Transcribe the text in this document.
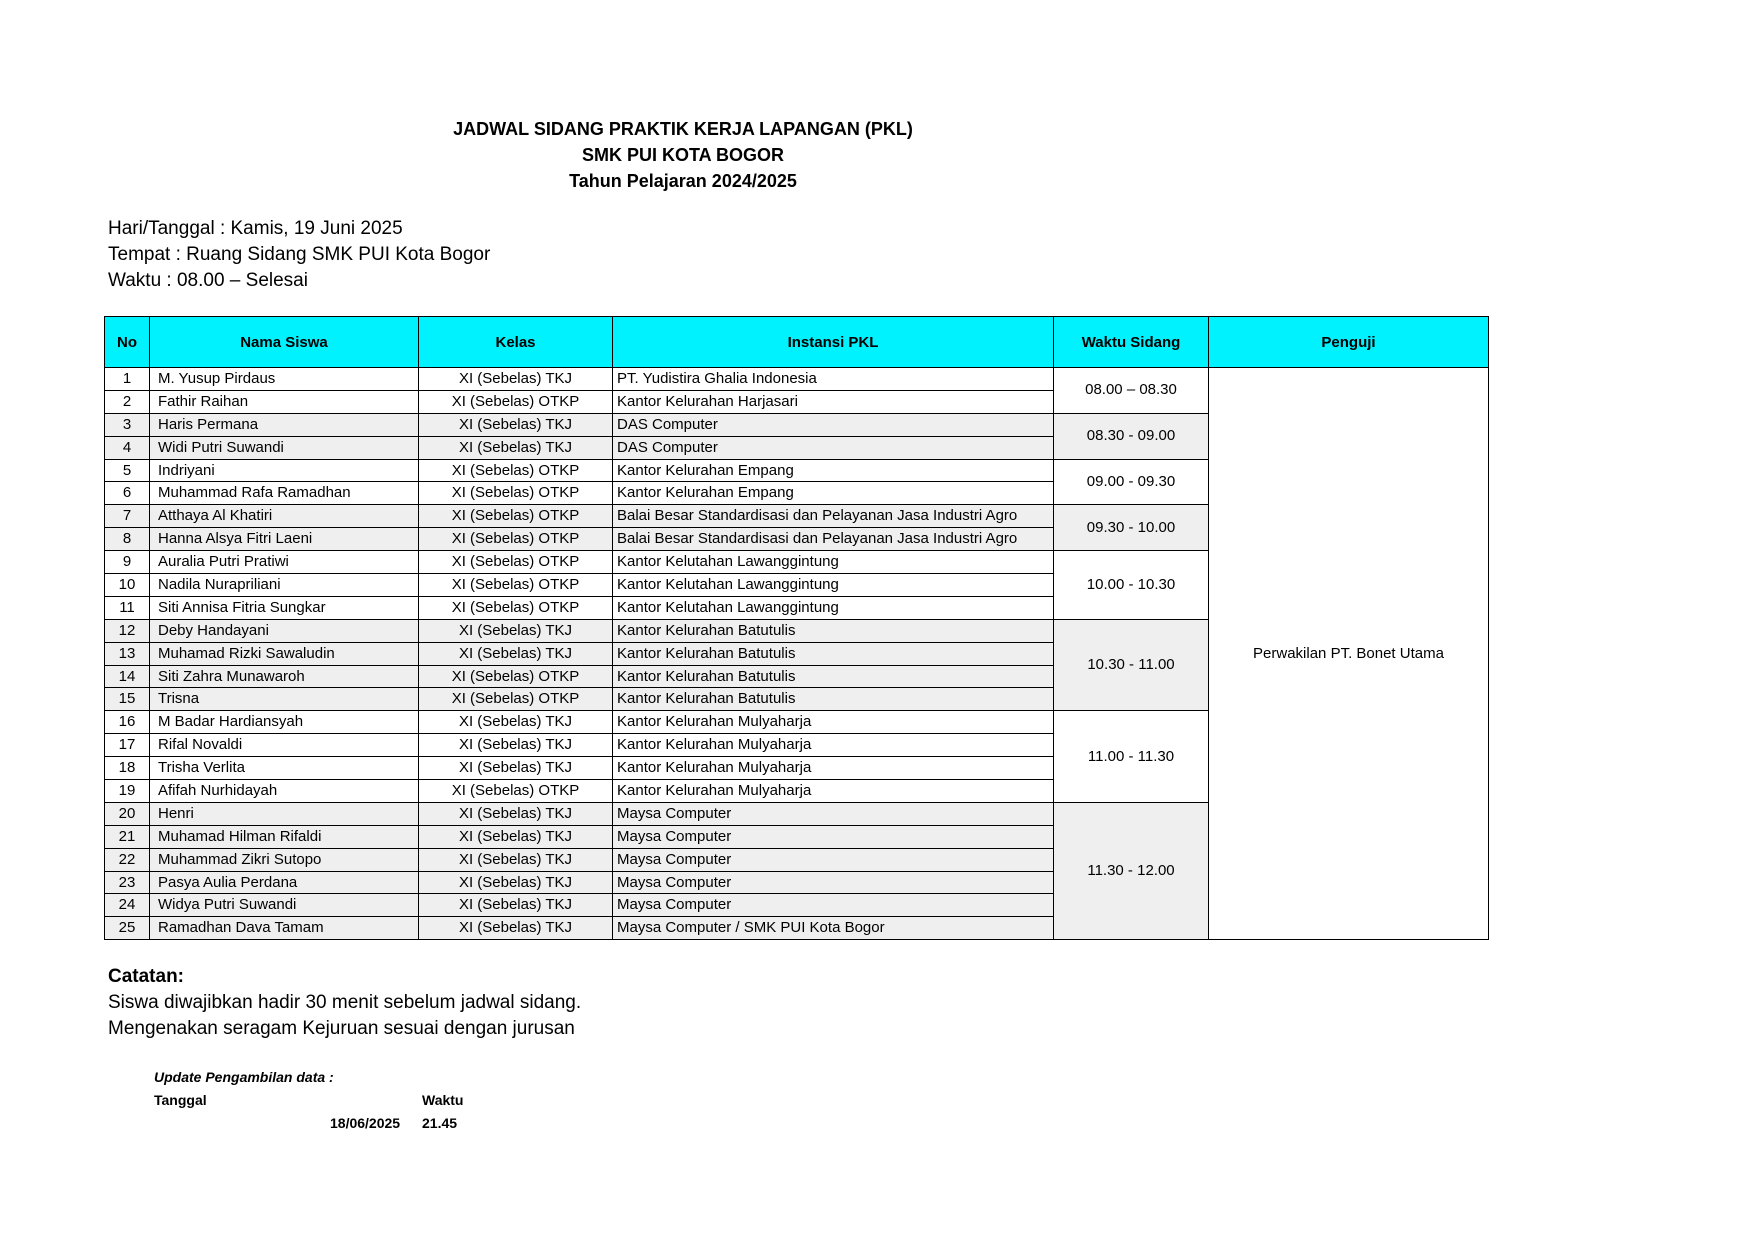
JADWAL SIDANG PRAKTIK KERJA LAPANGAN (PKL)
SMK PUI KOTA BOGOR
Tahun Pelajaran 2024/2025
Hari/Tanggal : Kamis, 19 Juni 2025
Tempat : Ruang Sidang SMK PUI Kota Bogor
Waktu : 08.00 – Selesai
No	Nama Siswa	Kelas	Instansi PKL	Waktu Sidang	Penguji
1	M. Yusup Pirdaus	XI (Sebelas) TKJ	PT. Yudistira Ghalia Indonesia	08.00 – 08.30	Perwakilan PT. Bonet Utama
2	Fathir Raihan	XI (Sebelas) OTKP	Kantor Kelurahan Harjasari		
3	Haris Permana	XI (Sebelas) TKJ	DAS Computer	08.30 - 09.00	
4	Widi Putri Suwandi	XI (Sebelas) TKJ	DAS Computer		
5	Indriyani	XI (Sebelas) OTKP	Kantor Kelurahan Empang	09.00 - 09.30	
6	Muhammad Rafa Ramadhan	XI (Sebelas) OTKP	Kantor Kelurahan Empang		
7	Atthaya Al Khatiri	XI (Sebelas) OTKP	Balai Besar Standardisasi dan Pelayanan Jasa Industri Agro	09.30 - 10.00	
8	Hanna Alsya Fitri Laeni	XI (Sebelas) OTKP	Balai Besar Standardisasi dan Pelayanan Jasa Industri Agro		
9	Auralia Putri Pratiwi	XI (Sebelas) OTKP	Kantor Kelutahan Lawanggintung	10.00 - 10.30	
10	Nadila Nurapriliani	XI (Sebelas) OTKP	Kantor Kelutahan Lawanggintung		
11	Siti Annisa Fitria Sungkar	XI (Sebelas) OTKP	Kantor Kelutahan Lawanggintung		
12	Deby Handayani	XI (Sebelas) TKJ	Kantor Kelurahan Batutulis	10.30 - 11.00	
13	Muhamad Rizki Sawaludin	XI (Sebelas) TKJ	Kantor Kelurahan Batutulis		
14	Siti Zahra Munawaroh	XI (Sebelas) OTKP	Kantor Kelurahan Batutulis		
15	Trisna	XI (Sebelas) OTKP	Kantor Kelurahan Batutulis		
16	M Badar Hardiansyah	XI (Sebelas) TKJ	Kantor Kelurahan Mulyaharja	11.00 - 11.30	
17	Rifal Novaldi	XI (Sebelas) TKJ	Kantor Kelurahan Mulyaharja		
18	Trisha Verlita	XI (Sebelas) TKJ	Kantor Kelurahan Mulyaharja		
19	Afifah Nurhidayah	XI (Sebelas) OTKP	Kantor Kelurahan Mulyaharja		
20	Henri	XI (Sebelas) TKJ	Maysa Computer	11.30 - 12.00	
21	Muhamad Hilman Rifaldi	XI (Sebelas) TKJ	Maysa Computer		
22	Muhammad Zikri Sutopo	XI (Sebelas) TKJ	Maysa Computer		
23	Pasya Aulia Perdana	XI (Sebelas) TKJ	Maysa Computer		
24	Widya Putri Suwandi	XI (Sebelas) TKJ	Maysa Computer		
25	Ramadhan Dava Tamam	XI (Sebelas) TKJ	Maysa Computer / SMK PUI Kota Bogor		
Catatan:
Siswa diwajibkan hadir 30 menit sebelum jadwal sidang.
Mengenakan seragam Kejuruan sesuai dengan jurusan
Update Pengambilan data :
Tanggal	Waktu
18/06/2025 21.45
